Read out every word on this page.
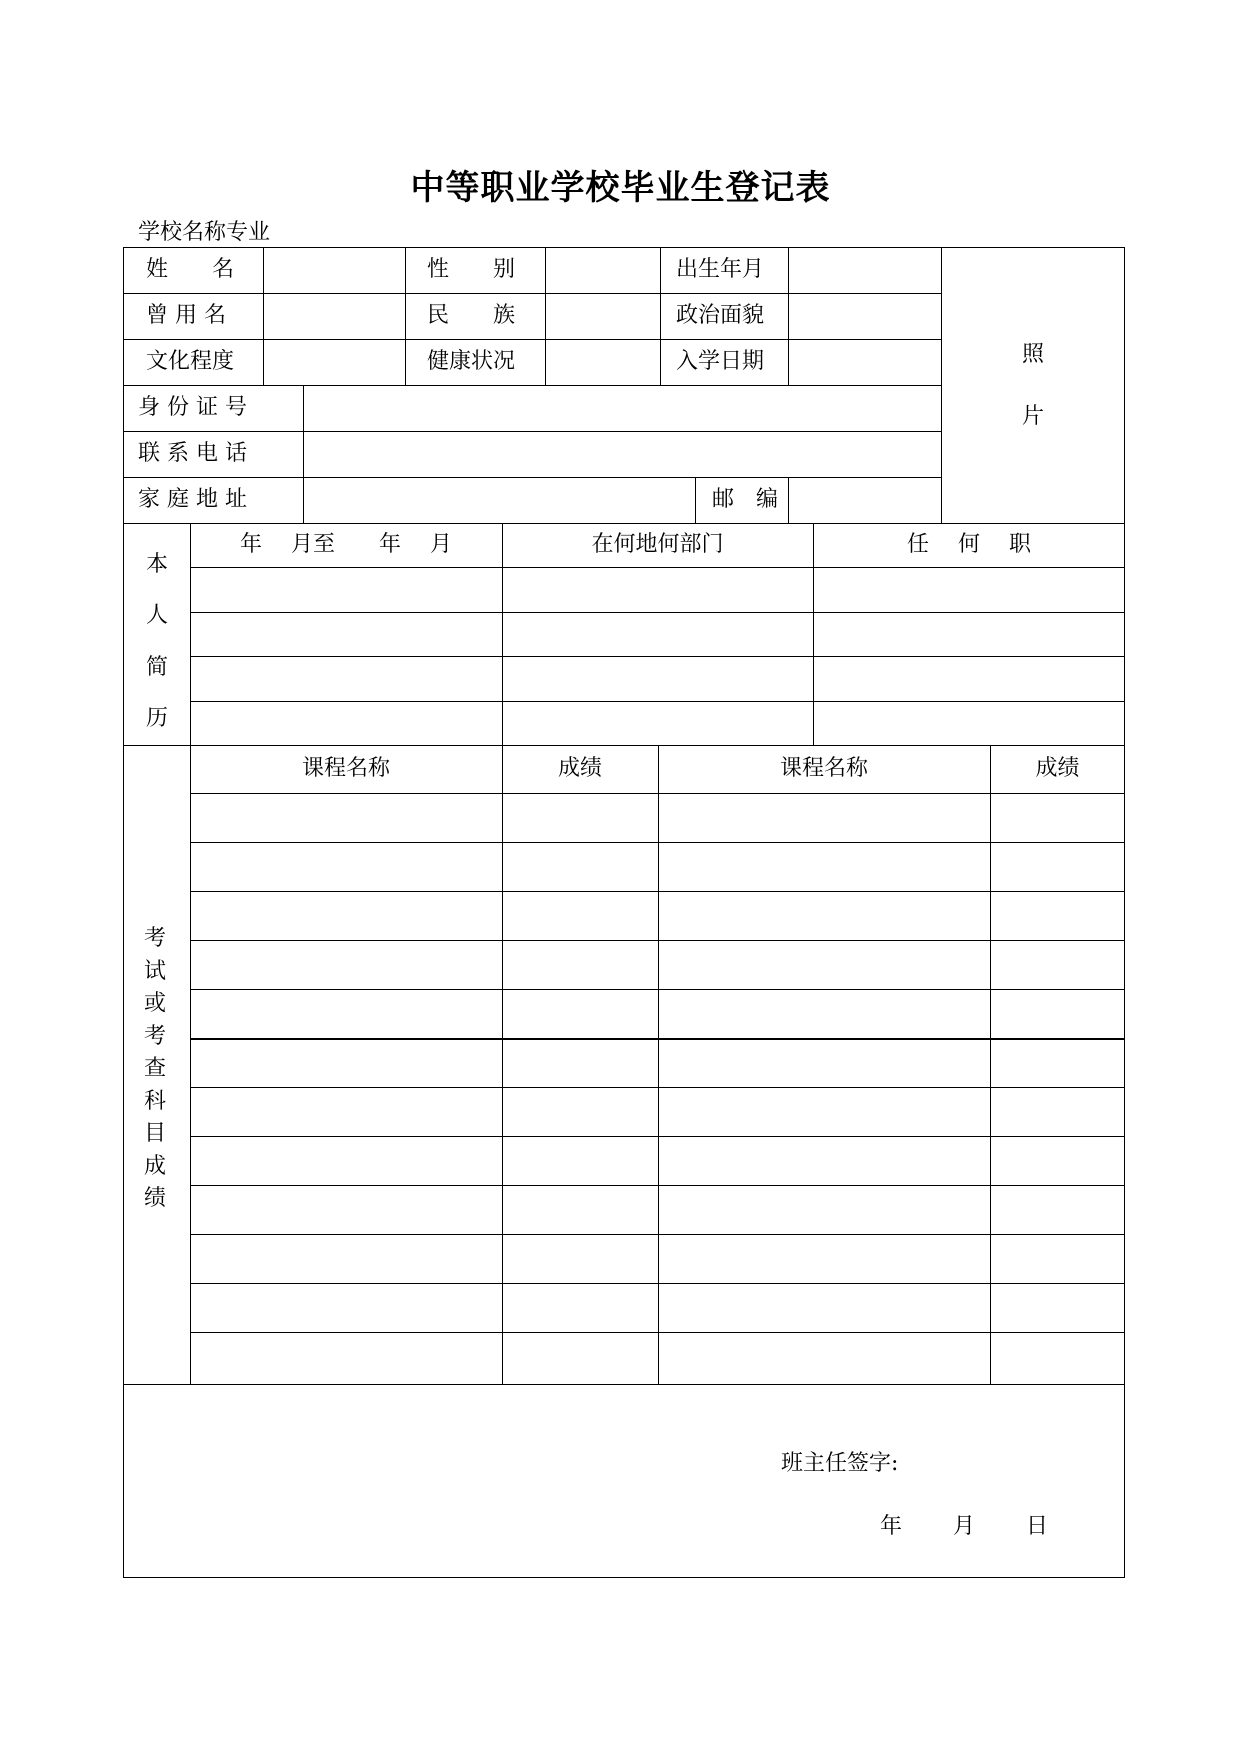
中等职业学校毕业生登记表
学校名称专业
姓　　名	性　　别	出生年月
曾 用 名	民　　族	政治面貌
文化程度	健康状况	入学日期
身 份 证 号
联 系 电 话
家 庭 地 址	邮　编
照
片
本
人
简
历
年　 月至　　年　 月	在何地何部门	任　 何　 职
课程名称	成绩	课程名称	成绩
考试或考查科目成绩
班主任签字:
年　　 月　　 日
